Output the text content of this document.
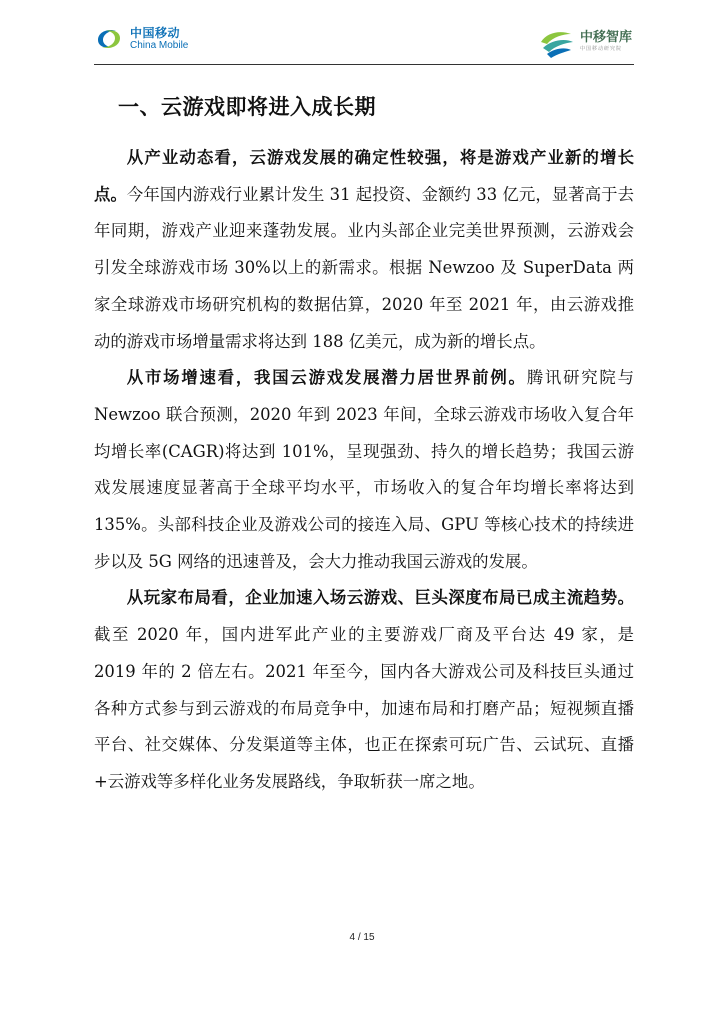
中国移动
China Mobile
中移智库
中国移动研究院
一、云游戏即将进入成长期

从产业动态看，云游戏发展的确定性较强，将是游戏产业新的增长点。今年国内游戏行业累计发生 31 起投资、金额约 33 亿元，显著高于去年同期，游戏产业迎来蓬勃发展。业内头部企业完美世界预测，云游戏会引发全球游戏市场 30%以上的新需求。根据 Newzoo 及 SuperData 两家全球游戏市场研究机构的数据估算，2020 年至 2021 年，由云游戏推动的游戏市场增量需求将达到 188 亿美元，成为新的增长点。

从市场增速看，我国云游戏发展潜力居世界前例。腾讯研究院与 Newzoo 联合预测，2020 年到 2023 年间，全球云游戏市场收入复合年均增长率(CAGR)将达到 101%，呈现强劲、持久的增长趋势；我国云游戏发展速度显著高于全球平均水平，市场收入的复合年均增长率将达到 135%。头部科技企业及游戏公司的接连入局、GPU 等核心技术的持续进步以及 5G 网络的迅速普及，会大力推动我国云游戏的发展。

从玩家布局看，企业加速入场云游戏、巨头深度布局已成主流趋势。截至 2020 年，国内进军此产业的主要游戏厂商及平台达 49 家，是 2019 年的 2 倍左右。2021 年至今，国内各大游戏公司及科技巨头通过各种方式参与到云游戏的布局竞争中，加速布局和打磨产品；短视频直播平台、社交媒体、分发渠道等主体，也正在探索可玩广告、云试玩、直播+云游戏等多样化业务发展路线，争取斩获一席之地。

4 / 15
